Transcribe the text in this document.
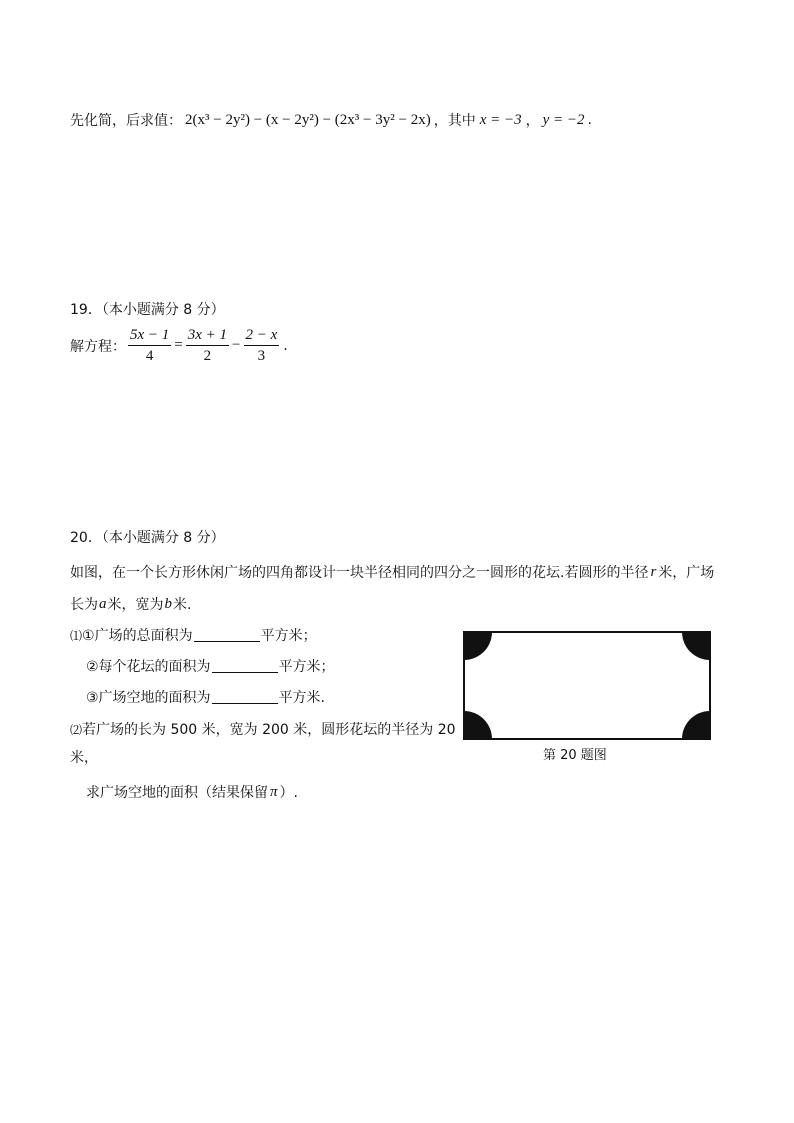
先化简，后求值： 2(x³ − 2y²) − (x − 2y²) − (2x³ − 3y² − 2x) ，其中 x = −3 ， y = −2 .
19．（本小题满分 8 分）
解方程： $\frac{5x - 1}{4} = \frac{3x + 1}{2} - \frac{2 - x}{3}$ .
20．（本小题满分 8 分）
如图，在一个长方形休闲广场的四角都设计一块半径相同的四分之一圆形的花坛.若圆形的半径 r 米，广场
长为 a 米，宽为 b 米.
⑴ ①广场的总面积为	平方米；
②每个花坛的面积为	平方米；
③广场空地的面积为	平方米.
⑵ 若广场的长为 500 米，宽为 200 米，圆形花坛的半径为 20
米，
求广场空地的面积（结果保留 π ）.
第 20 题图
